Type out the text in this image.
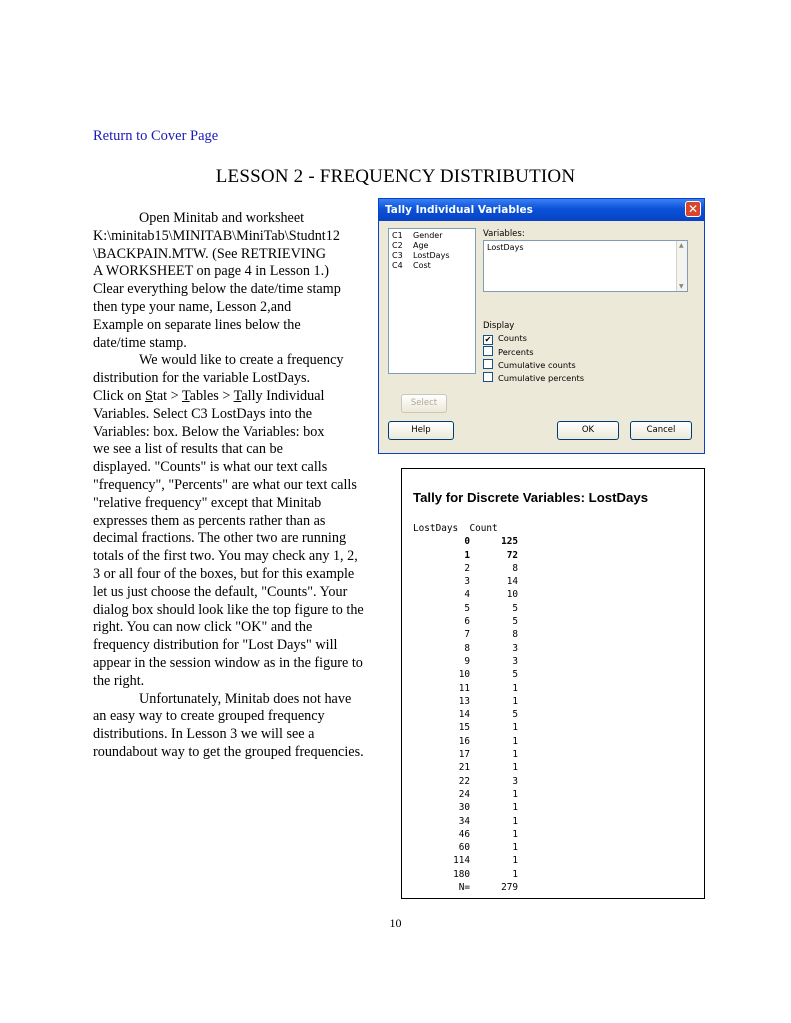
Return to Cover Page
LESSON 2 - FREQUENCY DISTRIBUTION

Open Minitab and worksheet

K:\minitab15\MINITAB\MiniTab\Studnt12
\BACKPAIN.MTW. (See RETRIEVING
A WORKSHEET on page 4 in Lesson 1.)
Clear everything below the date/time stamp
then type your name, Lesson 2,and
Example on separate lines below the
date/time stamp.

We would like to create a frequency

distribution for the variable LostDays.
Click on Stat > Tables > Tally Individual
Variables. Select C3 LostDays into the
Variables: box. Below the Variables: box
we see a list of results that can be
displayed. "Counts" is what our text calls
"frequency", "Percents" are what our text calls
"relative frequency" except that Minitab
expresses them as percents rather than as
decimal fractions. The other two are running
totals of the first two. You may check any 1, 2,
3 or all four of the boxes, but for this example
let us just choose the default, "Counts". Your
dialog box should look like the top figure to the
right. You can now click "OK" and the
frequency distribution for "Lost Days" will
appear in the session window as in the figure to
the right.

Unfortunately, Minitab does not have

an easy way to create grouped frequency
distributions. In Lesson 3 we will see a
roundabout way to get the grouped frequencies.

Tally Individual Variables	✕
C1 Gender
C2 Age
C3 LostDays
C4 Cost
Variables:
LostDays	▲
▼
Display
✔ Counts
Percents
Cumulative counts
Cumulative percents
Select
Help	OK	Cancel
Tally for Discrete Variables: LostDays
LostDays Count
0	125
1	72
2	8
3	14
4	10
5	5
6	5
7	8
8	3
9	3
10	5
11	1
13	1
14	5
15	1
16	1
17	1
21	1
22	3
24	1
30	1
34	1
46	1
60	1
114	1
180	1
N=	279
10
